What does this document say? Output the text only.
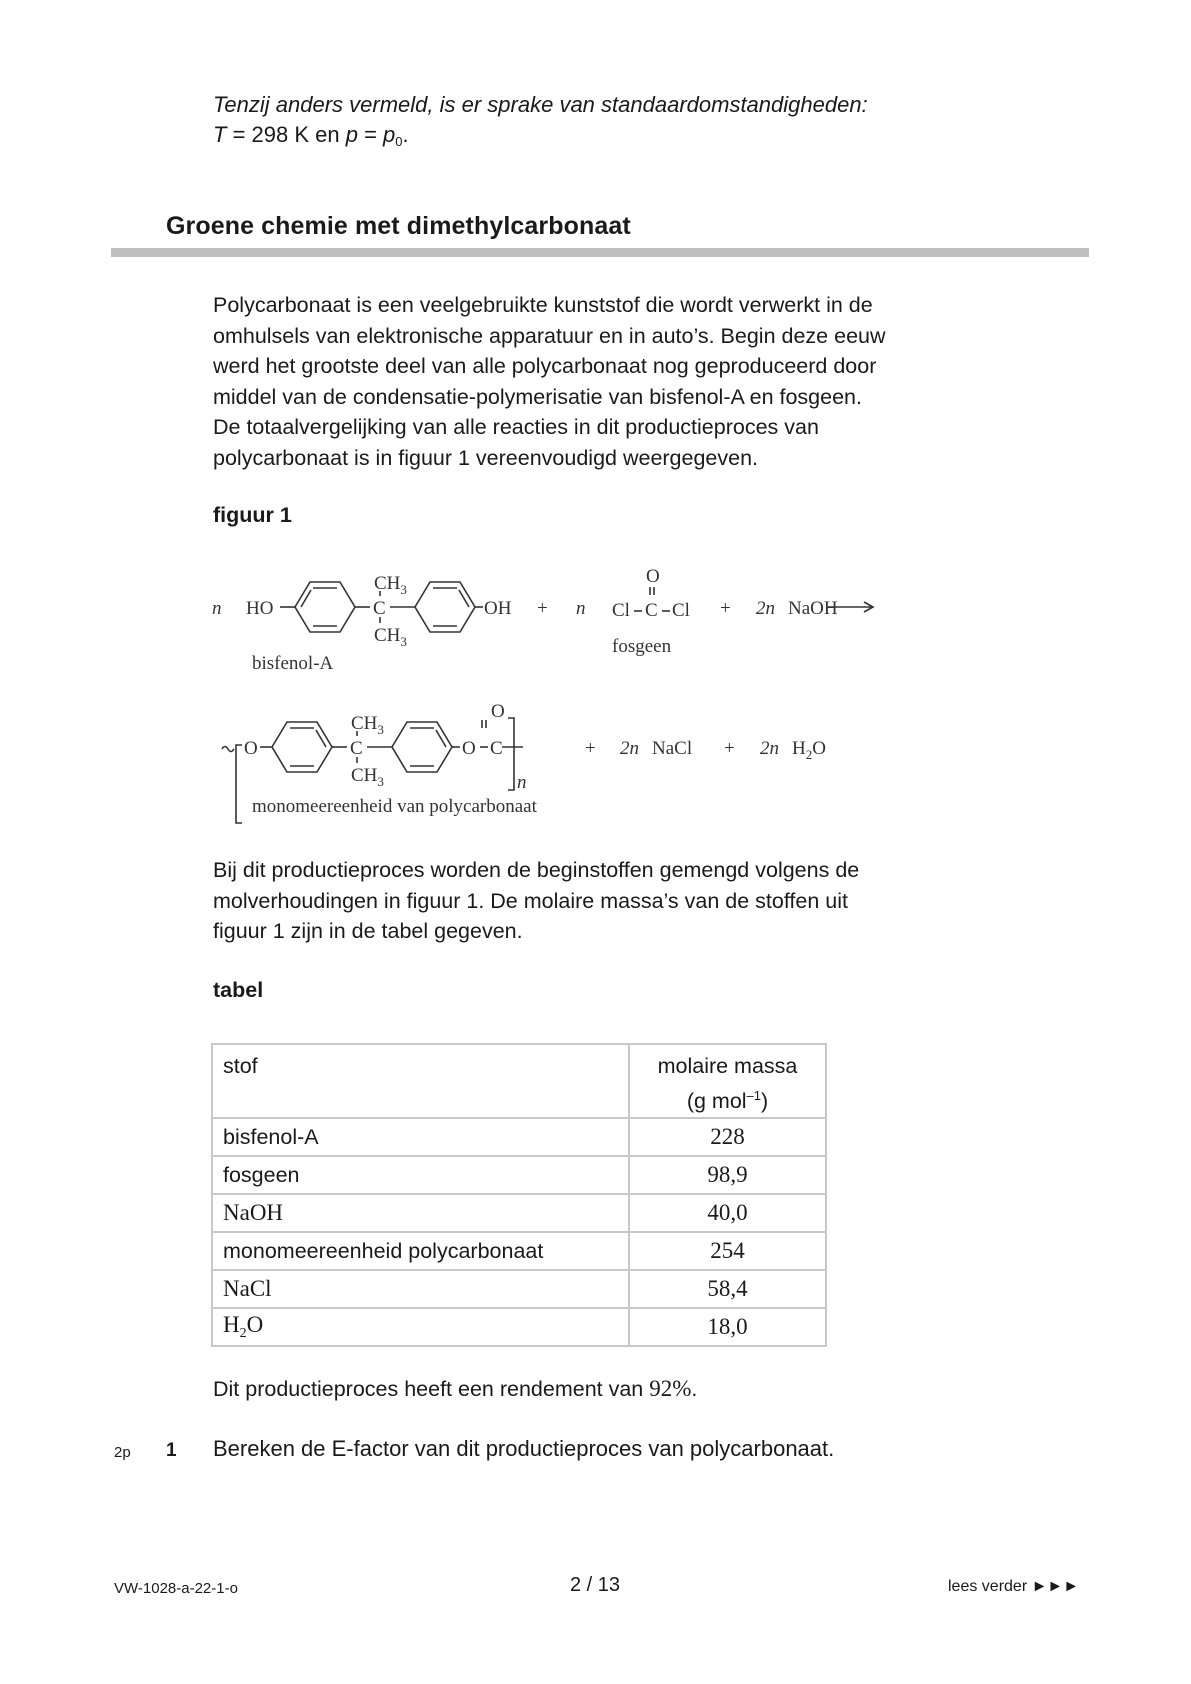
Tenzij anders vermeld, is er sprake van standaardomstandigheden:
T = 298 K en $p = p_0$.
Groene chemie met dimethylcarbonaat
Polycarbonaat is een veelgebruikte kunststof die wordt verwerkt in de
omhulsels van elektronische apparatuur en in auto’s. Begin deze eeuw
werd het grootste deel van alle polycarbonaat nog geproduceerd door
middel van de condensatie-polymerisatie van bisfenol-A en fosgeen.
De totaalvergelijking van alle reacties in dit productieproces van
polycarbonaat is in figuur 1 vereenvoudigd weergegeven.
figuur 1
n HO
$CH_3$
C
$CH_3$
OH + n Cl C
O
Cl + 2n NaOH
bisfenol-A
fosgeen
O
$CH_3$
C
$CH_3$
O C
O
n
+ 2n NaCl + 2n $H_2O$
monomeereenheid van polycarbonaat
Bij dit productieproces worden de beginstoffen gemengd volgens de
molverhoudingen in figuur 1. De molaire massa’s van de stoffen uit
figuur 1 zijn in de tabel gegeven.
tabel
stof	molaire massa
(g mol$^{-1}$)

bisfenol-A	228
fosgeen	98,9
NaOH	40,0
monomeereenheid polycarbonaat	254
NaCl	58,4
$H_2O$	18,0
Dit productieproces heeft een rendement van 92%.
2p 1 Bereken de E-factor van dit productieproces van polycarbonaat.
VW-1028-a-22-1-o	2 / 13	lees verder ►►►
